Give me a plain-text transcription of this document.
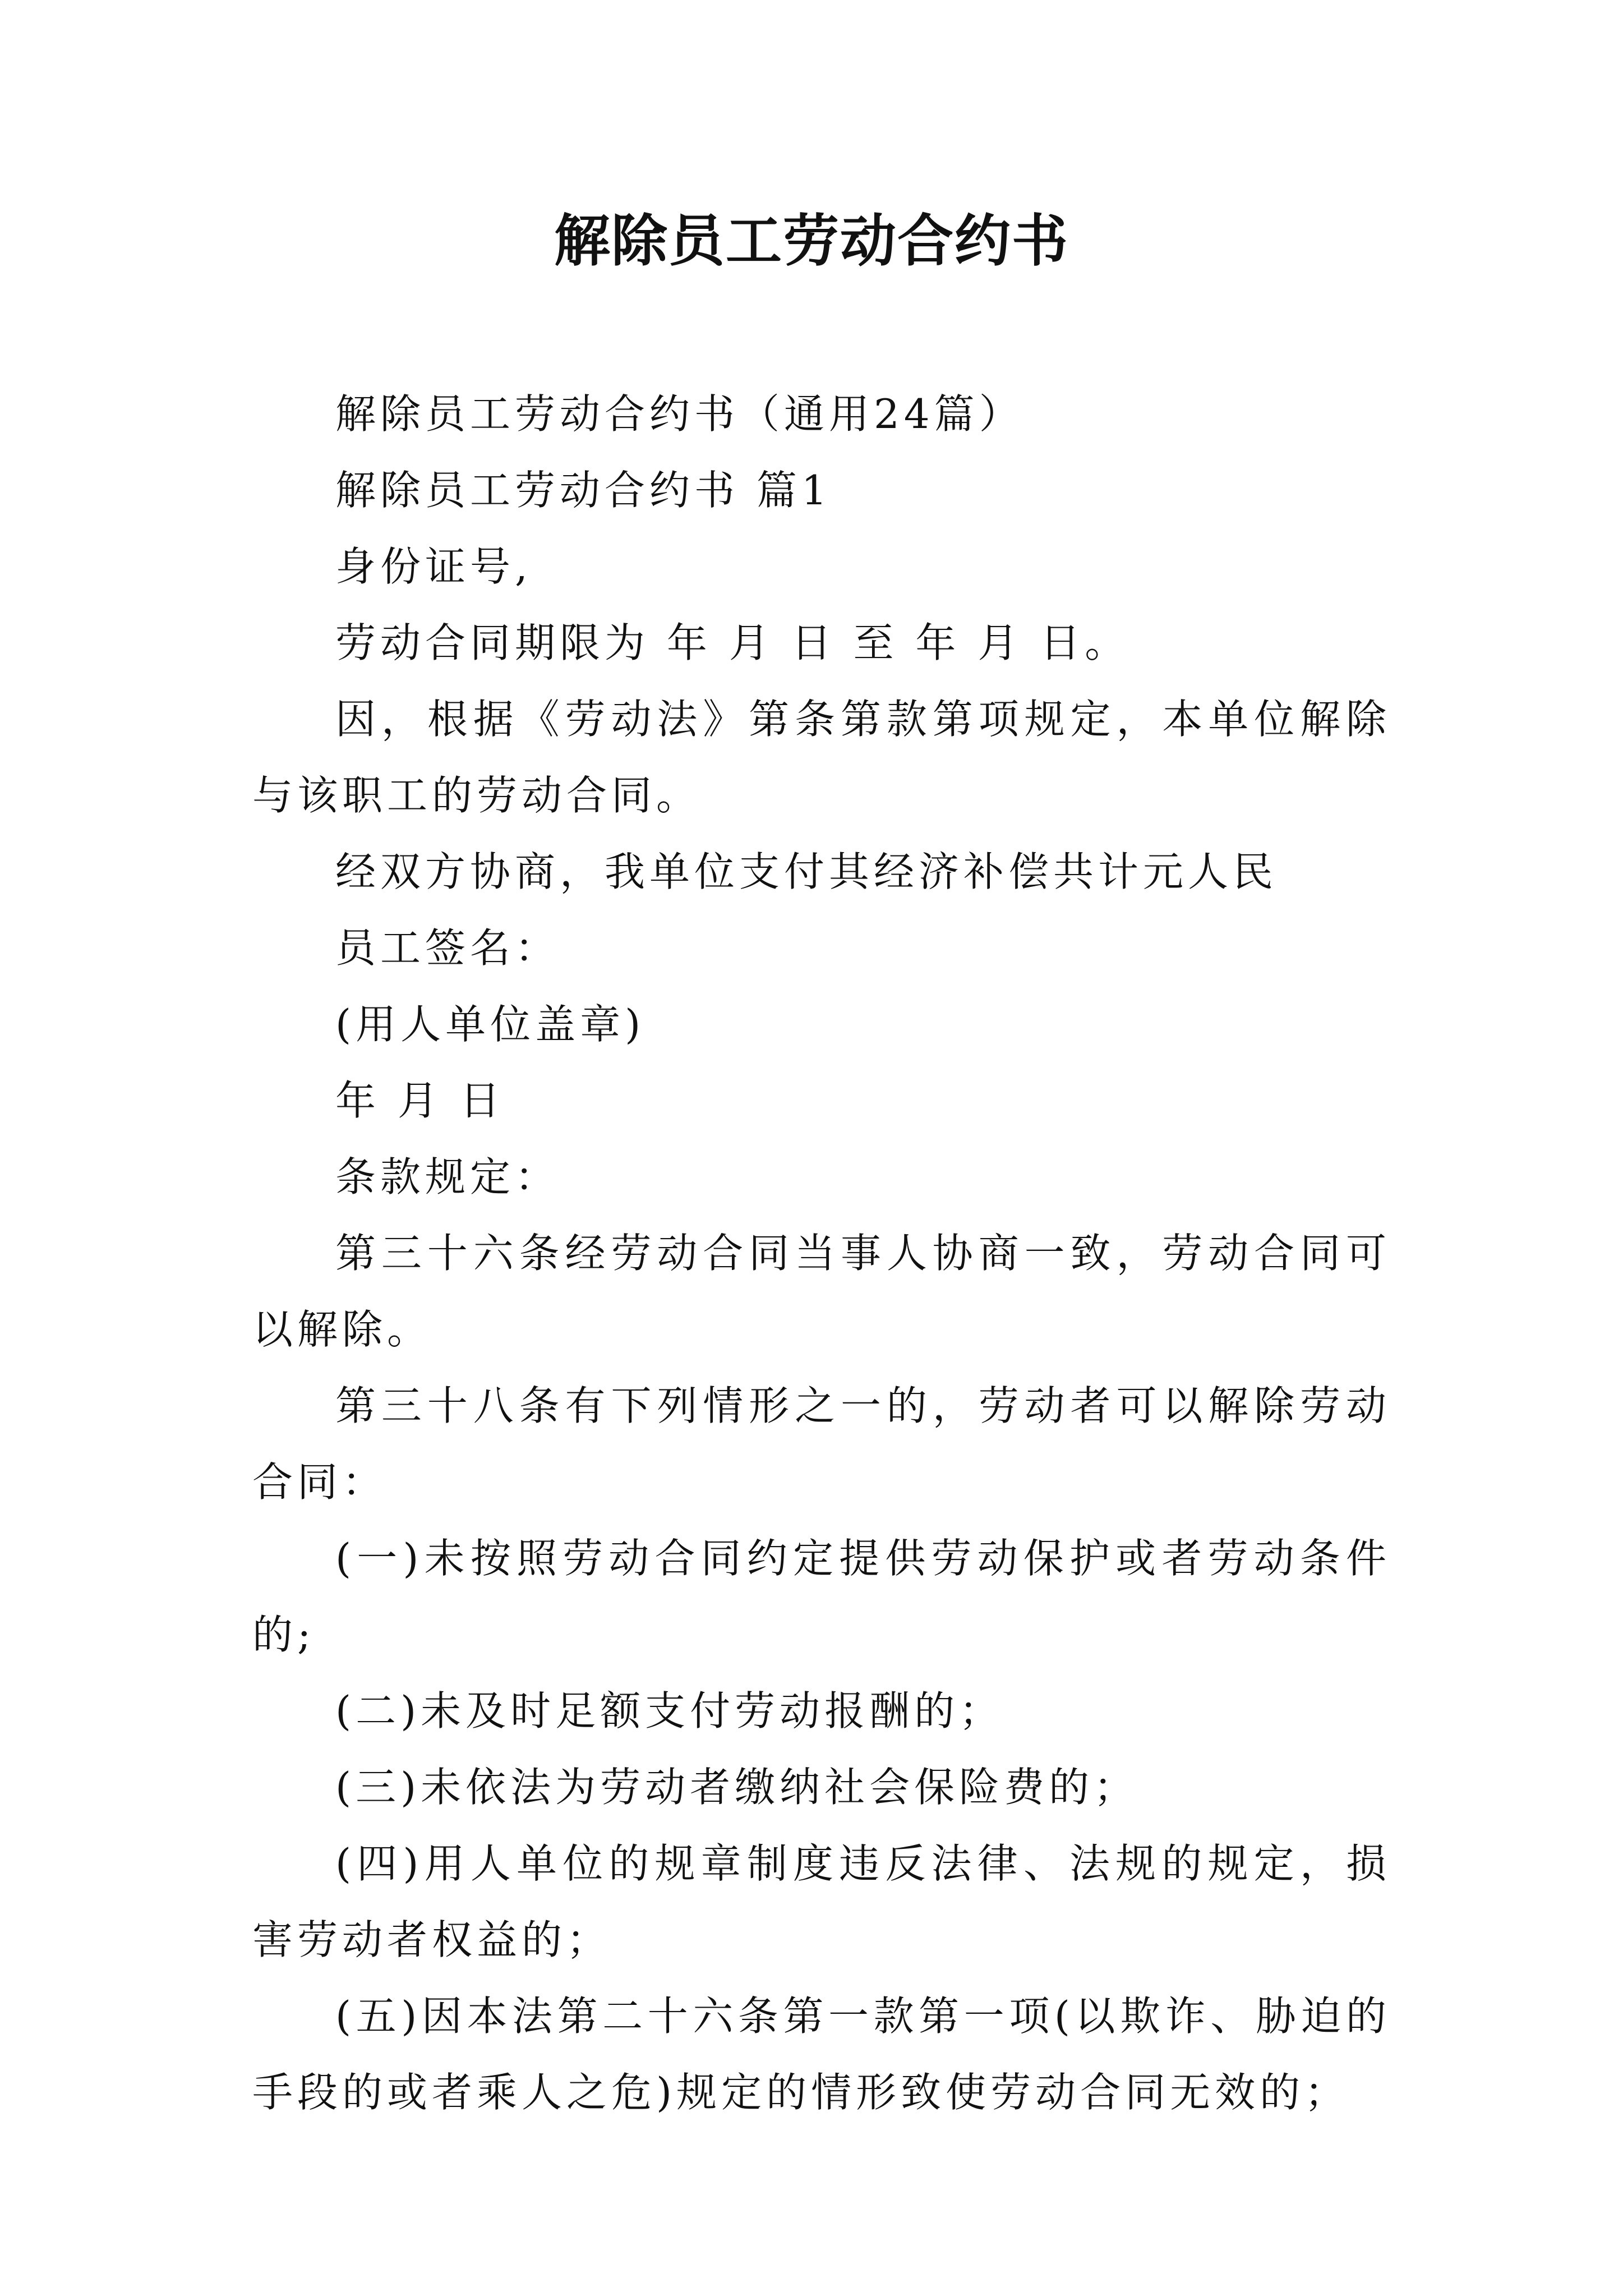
解除员工劳动合约书

解除员工劳动合约书（通用24篇）

解除员工劳动合约书 篇1

身份证号,

劳动合同期限为 年 月 日 至 年 月 日。

因，根据《劳动法》第条第款第项规定，本单位解除与该职工的劳动合同。

经双方协商，我单位支付其经济补偿共计元人民

员工签名：

(用人单位盖章)

年 月 日

条款规定：

第三十六条经劳动合同当事人协商一致，劳动合同可以解除。

第三十八条有下列情形之一的，劳动者可以解除劳动合同：

(一)未按照劳动合同约定提供劳动保护或者劳动条件的;

(二)未及时足额支付劳动报酬的；

(三)未依法为劳动者缴纳社会保险费的；

(四)用人单位的规章制度违反法律、法规的规定，损害劳动者权益的；

(五)因本法第二十六条第一款第一项(以欺诈、胁迫的手段的或者乘人之危)规定的情形致使劳动合同无效的；
